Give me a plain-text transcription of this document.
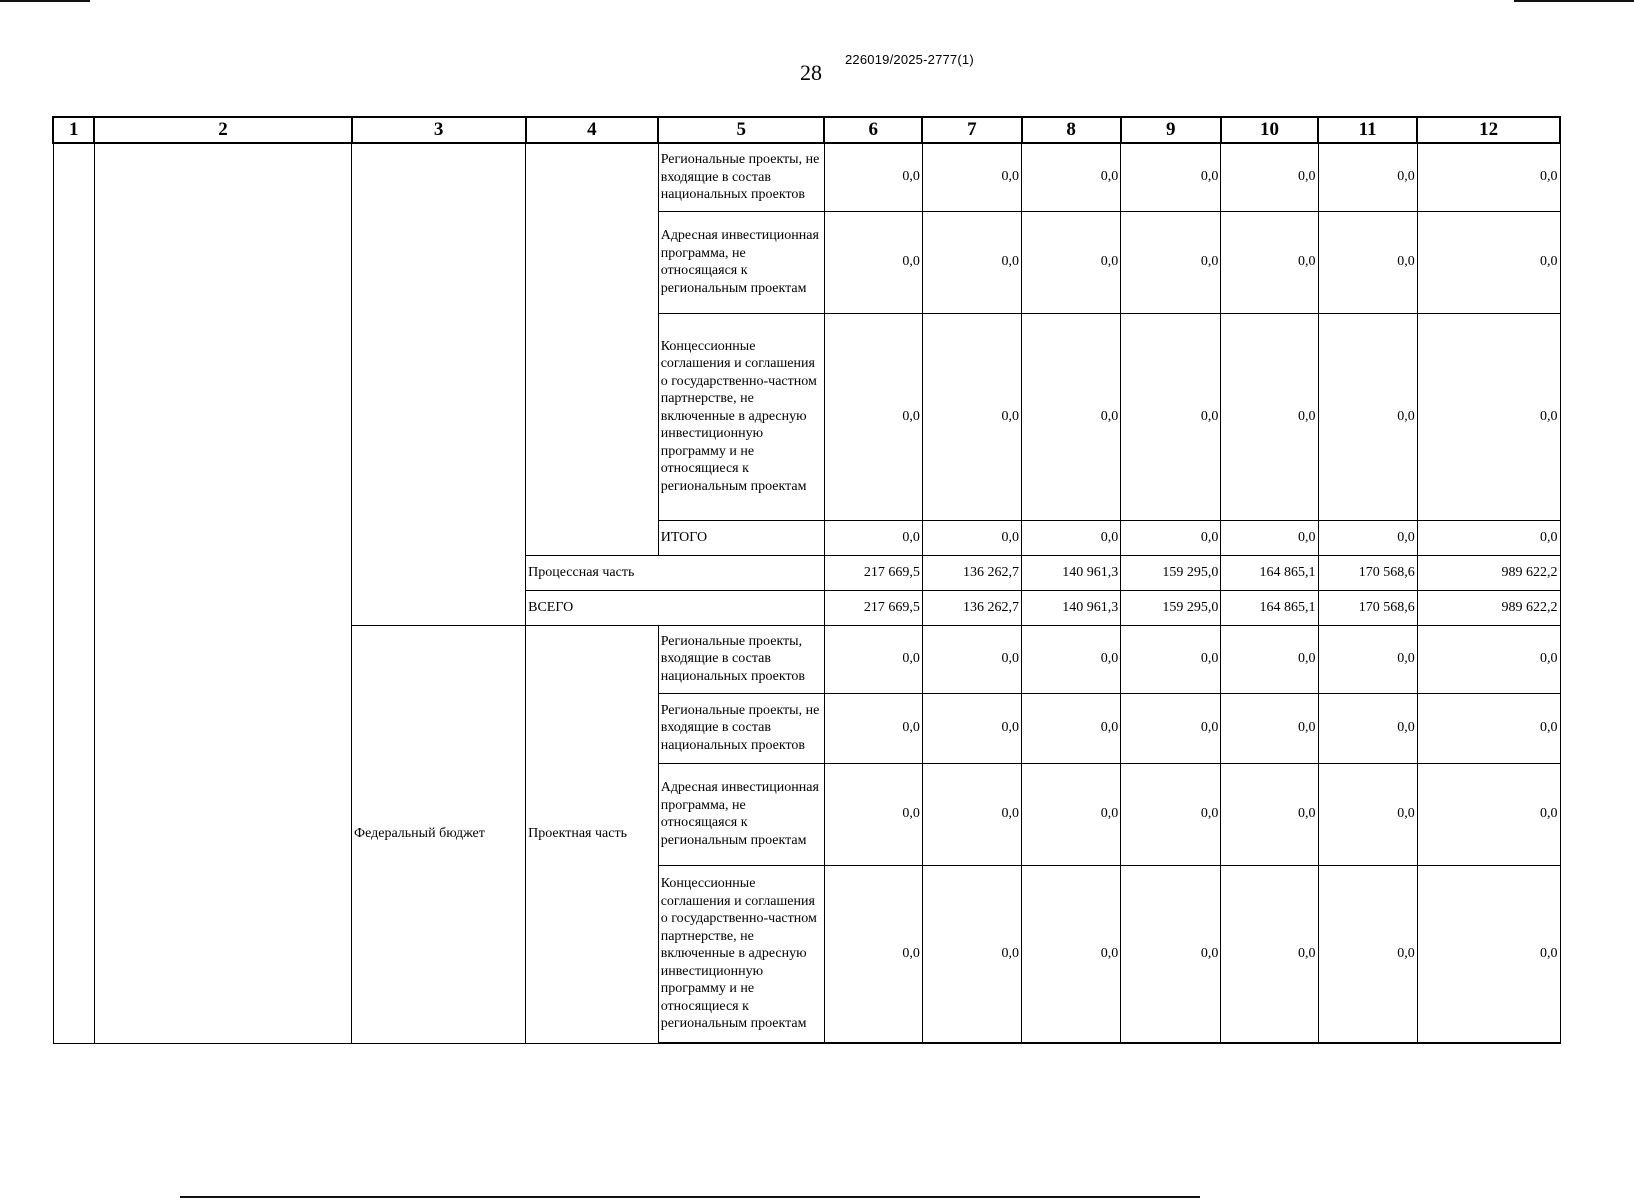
28
226019/2025-2777(1)
1	2	3	4	5	6	7	8	9	10	11	12
				Региональные проекты, не входящие в состав национальных проектов	0,0	0,0	0,0	0,0	0,0	0,0	0,0
				Адресная инвестиционная программа, не относящаяся к региональным проектам	0,0	0,0	0,0	0,0	0,0	0,0	0,0
				Концессионные соглашения и соглашения о государственно-частном партнерстве, не включенные в адресную инвестиционную программу и не относящиеся к региональным проектам	0,0	0,0	0,0	0,0	0,0	0,0	0,0
				ИТОГО	0,0	0,0	0,0	0,0	0,0	0,0	0,0
			Процессная часть		217 669,5	136 262,7	140 961,3	159 295,0	164 865,1	170 568,6	989 622,2
			ВСЕГО		217 669,5	136 262,7	140 961,3	159 295,0	164 865,1	170 568,6	989 622,2
		Федеральный бюджет	Проектная часть	Региональные проекты, входящие в состав национальных проектов	0,0	0,0	0,0	0,0	0,0	0,0	0,0
				Региональные проекты, не входящие в состав национальных проектов	0,0	0,0	0,0	0,0	0,0	0,0	0,0
				Адресная инвестиционная программа, не относящаяся к региональным проектам	0,0	0,0	0,0	0,0	0,0	0,0	0,0
				Концессионные соглашения и соглашения о государственно-частном партнерстве, не включенные в адресную инвестиционную программу и не относящиеся к региональным проектам	0,0	0,0	0,0	0,0	0,0	0,0	0,0
